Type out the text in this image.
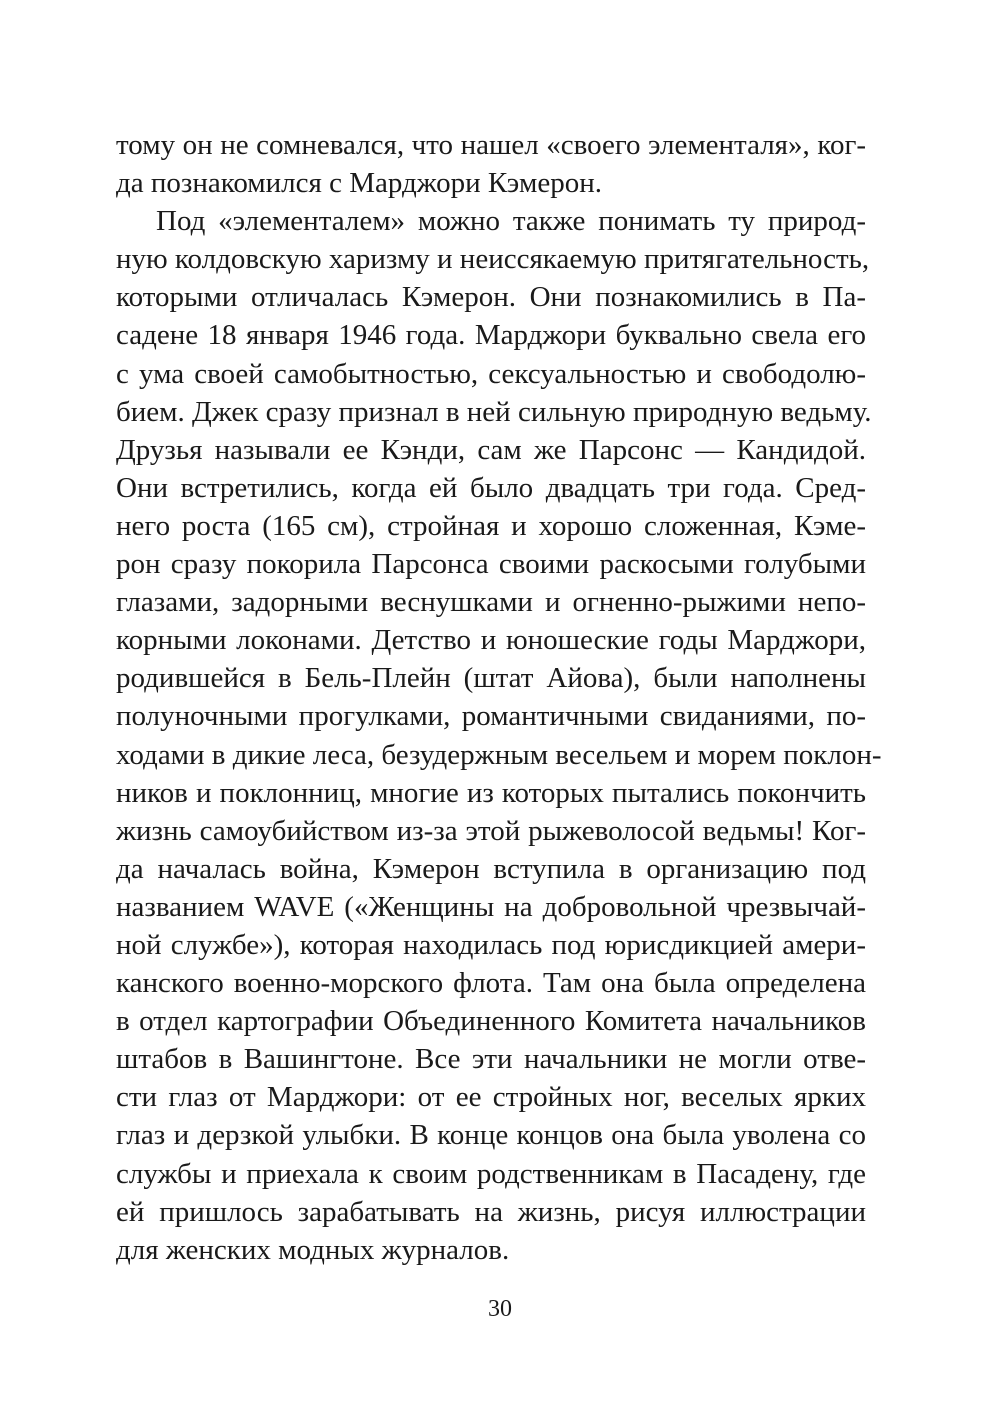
тому он не сомневался, что нашел «своего элементаля», ког-
да познакомился с Марджори Кэмерон.
Под «элементалем» можно также понимать ту природ-
ную колдовскую харизму и неиссякаемую притягательность,
которыми отличалась Кэмерон. Они познакомились в Па-
садене 18 января 1946 года. Марджори буквально свела его
с ума своей самобытностью, сексуальностью и свободолю-
бием. Джек сразу признал в ней сильную природную ведьму.
Друзья называли ее Кэнди, сам же Парсонс — Кандидой.
Они встретились, когда ей было двадцать три года. Сред-
него роста (165 см), стройная и хорошо сложенная, Кэме-
рон сразу покорила Парсонса своими раскосыми голубыми
глазами, задорными веснушками и огненно-рыжими непо-
корными локонами. Детство и юношеские годы Марджори,
родившейся в Бель-Плейн (штат Айова), были наполнены
полуночными прогулками, романтичными свиданиями, по-
ходами в дикие леса, безудержным весельем и морем поклон-
ников и поклонниц, многие из которых пытались покончить
жизнь самоубийством из-за этой рыжеволосой ведьмы! Ког-
да началась война, Кэмерон вступила в организацию под
названием WAVE («Женщины на добровольной чрезвычай-
ной службе»), которая находилась под юрисдикцией амери-
канского военно-морского флота. Там она была определена
в отдел картографии Объединенного Комитета начальников
штабов в Вашингтоне. Все эти начальники не могли отве-
сти глаз от Марджори: от ее стройных ног, веселых ярких
глаз и дерзкой улыбки. В конце концов она была уволена со
службы и приехала к своим родственникам в Пасадену, где
ей пришлось зарабатывать на жизнь, рисуя иллюстрации
для женских модных журналов.
30
